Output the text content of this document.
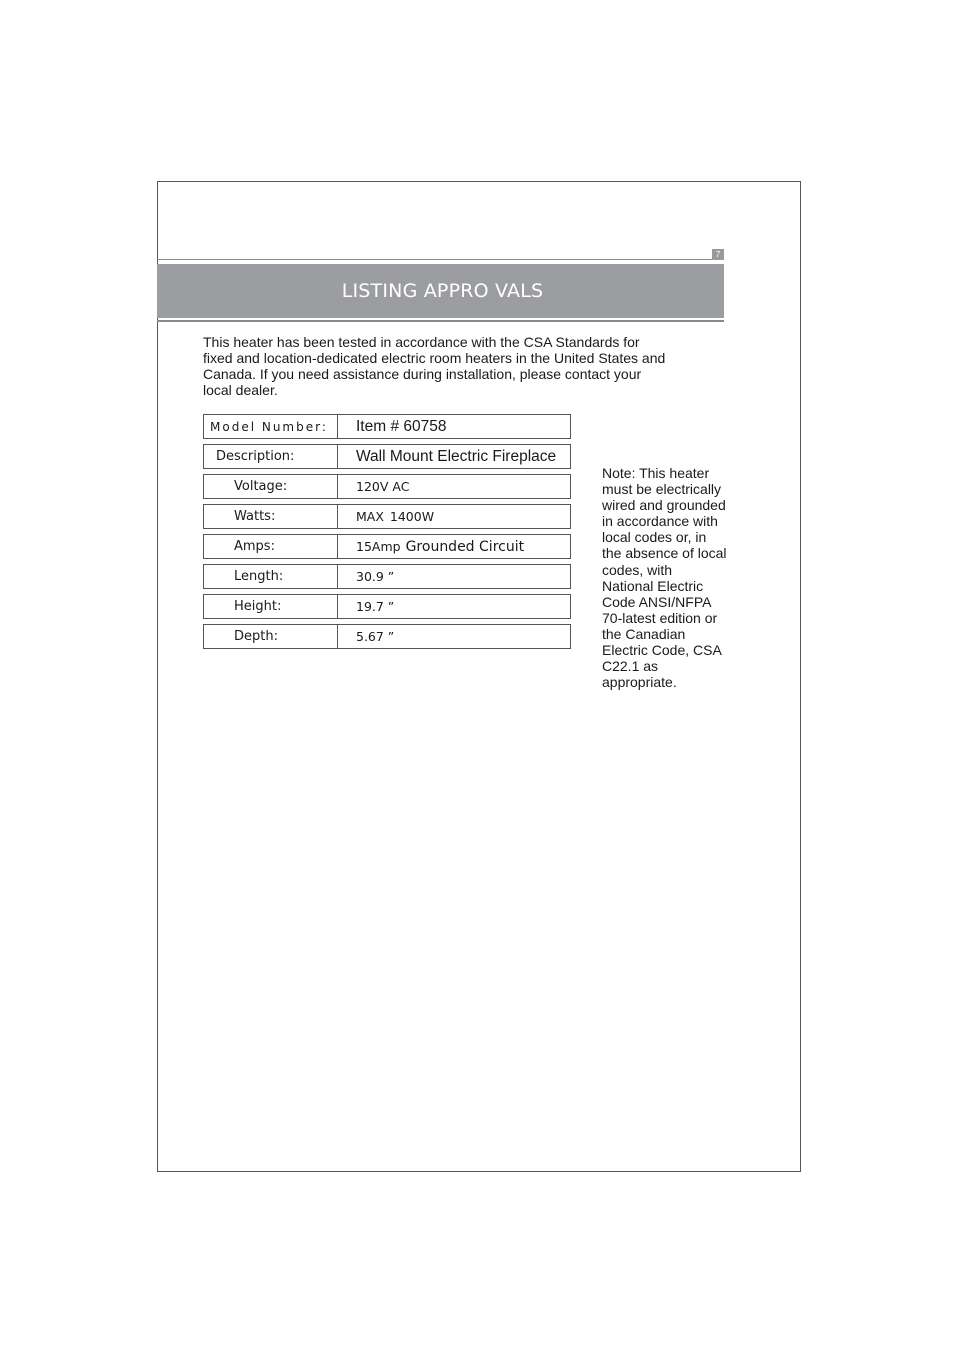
7
LISTING APPRO VALS

This heater has been tested in accordance with the CSA Standards for fixed and location-dedicated electric room heaters in the United States and Canada. If you need assistance during installation, please contact your local dealer.

Model Number:	Item # 60758
Description:	Wall Mount Electric Fireplace
Voltage:	120V AC
Watts:	MAX 1400W
Amps:	15Amp Grounded Circuit
Length:	30.9 ”
Height:	19.7 ”
Depth:	5.67 ”

Note: This heater must be electrically wired and grounded in accordance with local codes or, in the absence of local codes, with National Electric Code ANSI/NFPA 70-latest edition or the Canadian Electric Code, CSA C22.1 as appropriate.
